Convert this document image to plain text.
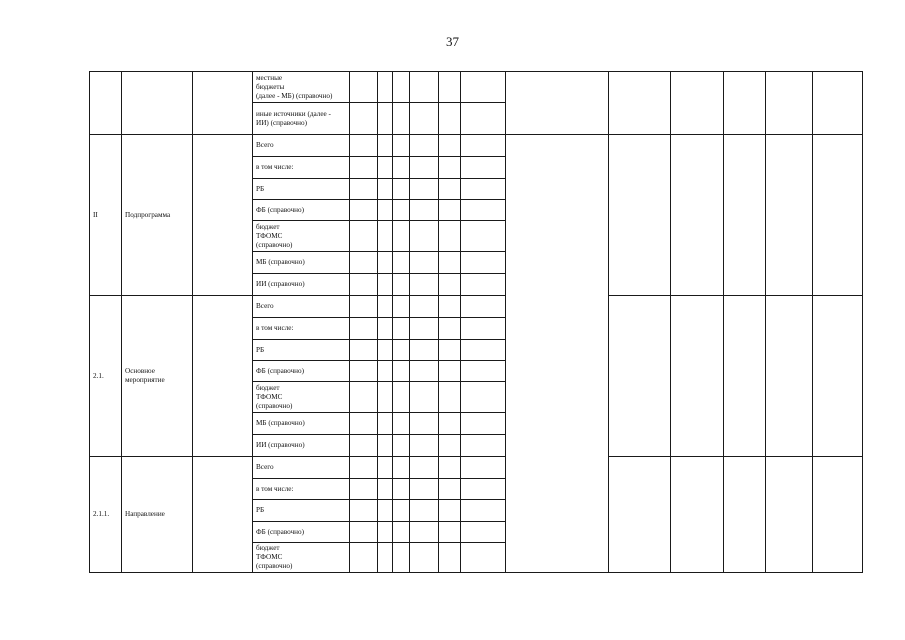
37

			местные
бюджеты
(далее - МБ) (справочно)												

			иные источники (далее -
ИИ) (справочно)												

II	Подпрограмма		Всего												

			в том числе:												

			РБ												

			ФБ (справочно)												

			бюджет
ТФОМС
(справочно)												

			МБ (справочно)												

			ИИ (справочно)												

2.1.	Основное мероприятие		Всего												

			в том числе:												

			РБ												

			ФБ (справочно)												

			бюджет
ТФОМС
(справочно)												

			МБ (справочно)												

			ИИ (справочно)												

2.1.1.	Направление		Всего												

			в том числе:												

			РБ												

			ФБ (справочно)												

			бюджет
ТФОМС
(справочно)												
